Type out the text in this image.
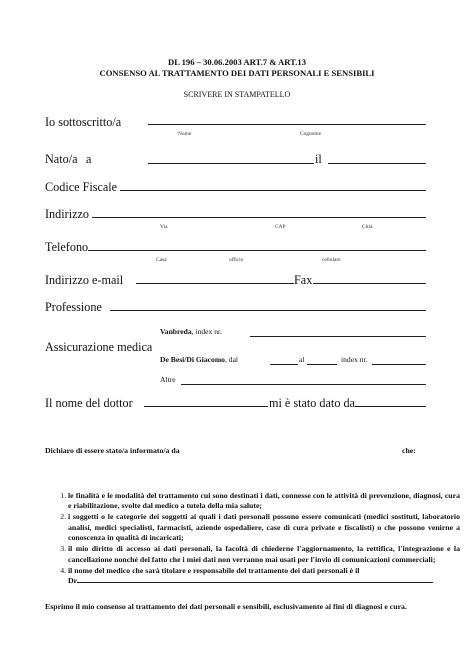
DL 196 – 30.06.2003 ART.7 & ART.13
CONSENSO AL TRATTAMENTO DEI DATI PERSONALI E SENSIBILI
SCRIVERE IN STAMPATELLO
Io sottoscritto/a
Nome	Cognome
Nato/a a	il
Codice Fiscale
Indirizzo
Via	CAP	Città
Telefono
Casa	ufficio	cellulare
Indirizzo e-mail	Fax
Professione
Assicurazione medica
Vanbreda, index nr.
De Besi/Di Giacomo, dal	al	index nr.
Altre
Il nome del dottor	mi è stato dato da
Dichiaro di essere stato/a informato/a da	che:
1. le finalità e le modalità del trattamento cui sono destinati i dati, connesse con le attività di prevenzione, diagnosi, cura e riabilitazione, svolte dal medico a tutela della mia salute;
2. i soggetti o le categorie dei soggetti ai quali i dati personali possono essere comunicati (medici sostituti, laboratorio analisi, medici specialisti, farmacisti, aziende ospedaliere, case di cura private e fiscalisti) o che possono venirne a conoscenza in qualità di incaricati;
3. il mio diritto di accesso ai dati personali, la facoltà di chiederne l'aggiornamento, la rettifica, l'integrazione e la cancellazione nonché del fatto che i miei dati non verranno mai usati per l'invio di comunicazioni commerciali;
4. il nome del medico che sarà titolare e responsabile del trattamento dei dati personali è il
Dr
Esprimo il mio consenso al trattamento dei dati personali e sensibili, esclusivamente ai fini di diagnosi e cura.
